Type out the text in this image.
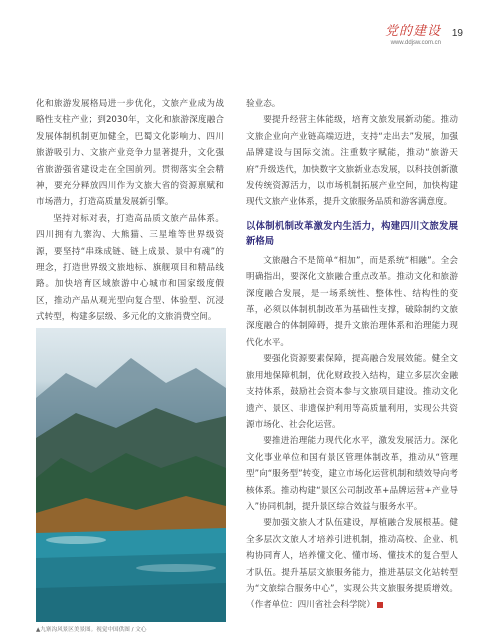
党的建设
www.ddjsw.com.cn
19

化和旅游发展格局进一步优化，文旅产业成为战略性支柱产业；到2030年，文化和旅游深度融合发展体制机制更加健全，巴蜀文化影响力、四川旅游吸引力、文旅产业竞争力显著提升，文化强省旅游强省建设走在全国前列。贯彻落实全会精神，要充分释放四川作为文旅大省的资源禀赋和市场潜力，打造高质量发展新引擎。

坚持对标对表，打造高品质文旅产品体系。四川拥有九寨沟、大熊猫、三星堆等世界级资源，要坚持“串珠成链、链上成景、景中有魂”的理念，打造世界级文旅地标、旗舰项目和精品线路。加快培育区域旅游中心城市和国家级度假区，推动产品从观光型向复合型、体验型、沉浸式转型，构建多层级、多元化的文旅消费空间。

▲九寨沟风景区美景图。视觉中国供图 / 文心

验业态。

要提升经营主体能级，培育文旅发展新动能。推动文旅企业向产业链高端迈进，支持“走出去”发展，加强品牌建设与国际交流。注重数字赋能，推动“旅游天府”升级迭代，加快数字文旅新业态发展，以科技创新激发传统资源活力，以市场机制拓展产业空间，加快构建现代文旅产业体系，提升文旅服务品质和游客满意度。

以体制机制改革激发内生活力，构建四川文旅发展新格局

文旅融合不是简单“相加”，而是系统“相融”。全会明确指出，要深化文旅融合重点改革。推动文化和旅游深度融合发展，是一场系统性、整体性、结构性的变革，必须以体制机制改革为基础性支撑，破除制约文旅深度融合的体制障碍，提升文旅治理体系和治理能力现代化水平。

要强化资源要素保障，提高融合发展效能。健全文旅用地保障机制，优化财政投入结构，建立多层次金融支持体系，鼓励社会资本参与文旅项目建设。推动文化遗产、景区、非遗保护利用等高质量利用，实现公共资源市场化、社会化运营。

要推进治理能力现代化水平，激发发展活力。深化文化事业单位和国有景区管理体制改革，推动从“管理型”向“服务型”转变，建立市场化运营机制和绩效导向考核体系。推动构建“景区公司制改革+品牌运营+产业导入”协同机制，提升景区综合效益与服务水平。

要加强文旅人才队伍建设，厚植融合发展根基。健全多层次文旅人才培养引进机制，推动高校、企业、机构协同育人，培养懂文化、懂市场、懂技术的复合型人才队伍。提升基层文旅服务能力，推进基层文化站转型为“文旅综合服务中心”，实现公共文旅服务提质增效。（作者单位：四川省社会科学院）
